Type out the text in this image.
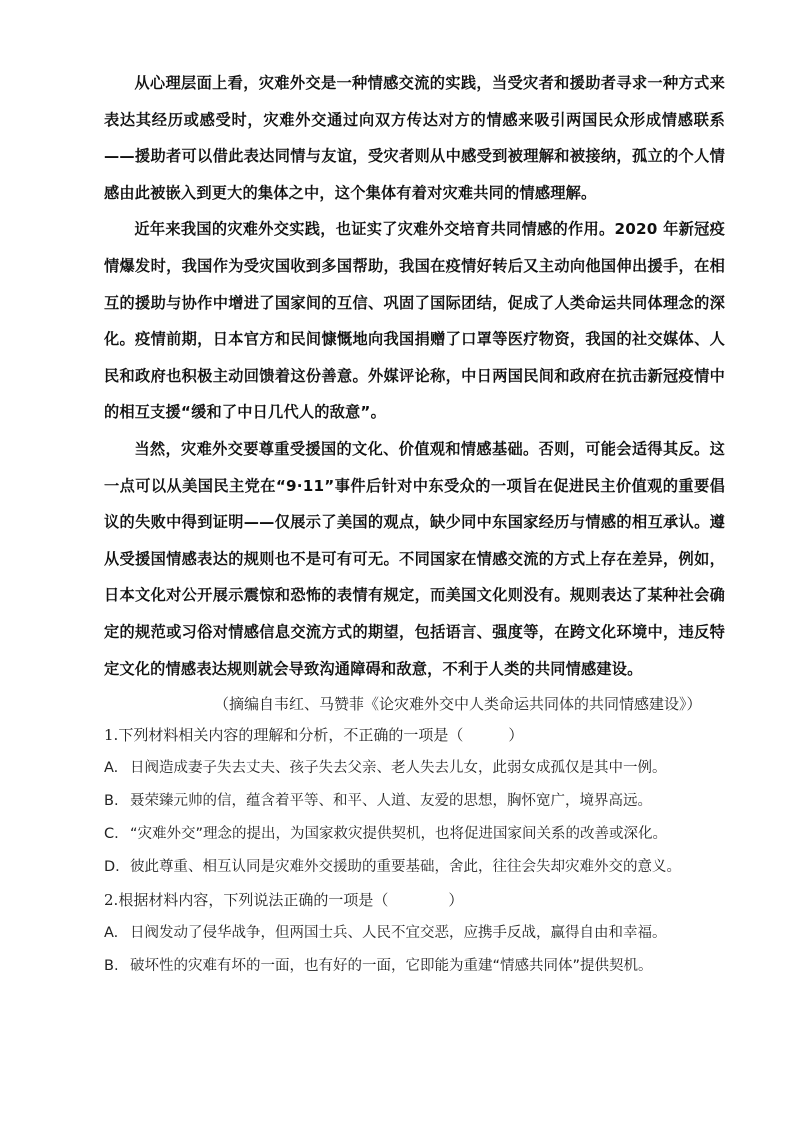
从心理层面上看，灾难外交是一种情感交流的实践，当受灾者和援助者寻求一种方式来表达其经历或感受时，灾难外交通过向双方传达对方的情感来吸引两国民众形成情感联系——援助者可以借此表达同情与友谊，受灾者则从中感受到被理解和被接纳，孤立的个人情感由此被嵌入到更大的集体之中，这个集体有着对灾难共同的情感理解。

近年来我国的灾难外交实践，也证实了灾难外交培育共同情感的作用。2020 年新冠疫情爆发时，我国作为受灾国收到多国帮助，我国在疫情好转后又主动向他国伸出援手，在相互的援助与协作中增进了国家间的互信、巩固了国际团结，促成了人类命运共同体理念的深化。疫情前期，日本官方和民间慷慨地向我国捐赠了口罩等医疗物资，我国的社交媒体、人民和政府也积极主动回馈着这份善意。外媒评论称，中日两国民间和政府在抗击新冠疫情中的相互支援“缓和了中日几代人的敌意”。

当然，灾难外交要尊重受援国的文化、价值观和情感基础。否则，可能会适得其反。这一点可以从美国民主党在“9·11”事件后针对中东受众的一项旨在促进民主价值观的重要倡议的失败中得到证明——仅展示了美国的观点，缺少同中东国家经历与情感的相互承认。遵从受援国情感表达的规则也不是可有可无。不同国家在情感交流的方式上存在差异，例如，日本文化对公开展示震惊和恐怖的表情有规定，而美国文化则没有。规则表达了某种社会确定的规范或习俗对情感信息交流方式的期望，包括语言、强度等，在跨文化环境中，违反特定文化的情感表达规则就会导致沟通障碍和敌意，不利于人类的共同情感建设。

（摘编自韦红、马赞菲《论灾难外交中人类命运共同体的共同情感建设》）

1.下列材料相关内容的理解和分析，不正确的一项是（　　　）

A. 日阀造成妻子失去丈夫、孩子失去父亲、老人失去儿女，此弱女成孤仅是其中一例。

B. 聂荣臻元帅的信，蕴含着平等、和平、人道、友爱的思想，胸怀宽广，境界高远。

C. “灾难外交”理念的提出，为国家救灾提供契机，也将促进国家间关系的改善或深化。

D. 彼此尊重、相互认同是灾难外交援助的重要基础，舍此，往往会失却灾难外交的意义。

2.根据材料内容，下列说法正确的一项是（　　　　）

A. 日阀发动了侵华战争，但两国士兵、人民不宜交恶，应携手反战，赢得自由和幸福。

B. 破坏性的灾难有坏的一面，也有好的一面，它即能为重建“情感共同体”提供契机。
